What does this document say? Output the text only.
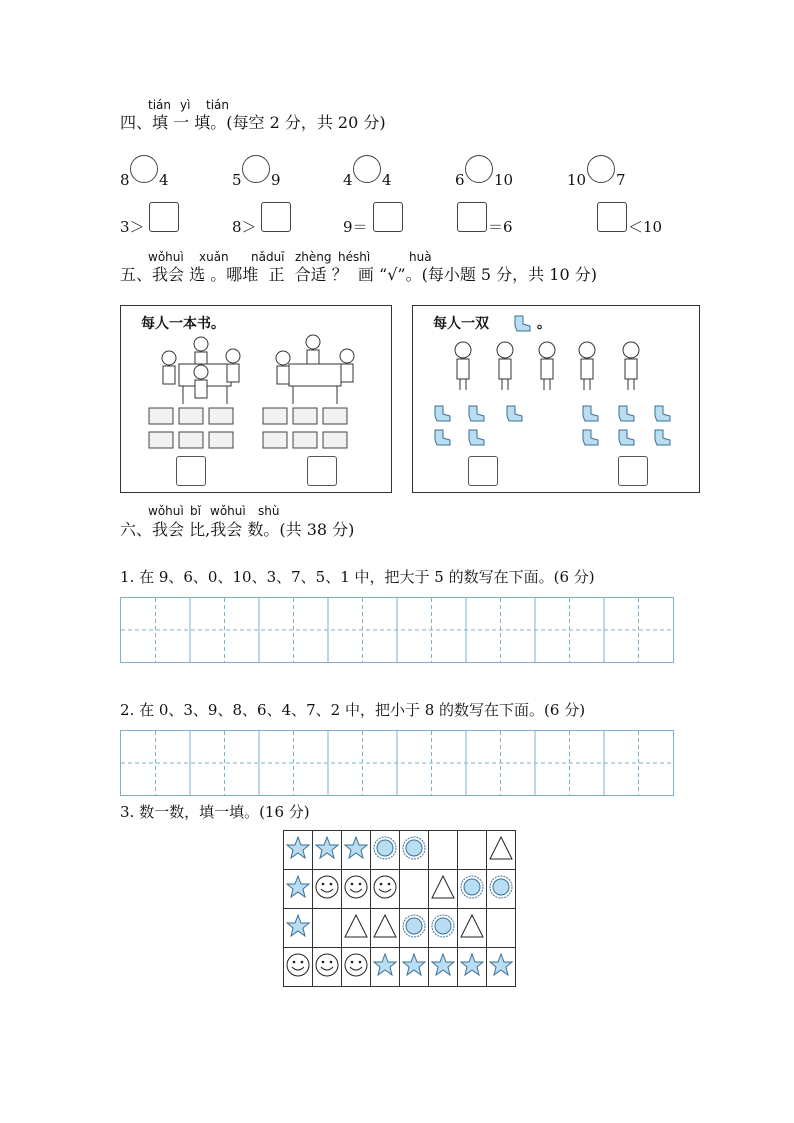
四、填 一 填。(每空 2 分，共 20 分)
tián yì tián
8 4	5 9	4 4	6 10	10 7
3＞	8＞	9＝	＝6	＜10
五、我会 选 。哪堆 正 合适 ？ 画 “√”。(每小题 5 分，共 10 分)
wǒhuì xuǎn nǎduī zhèng héshì	huà
每人一本书。	每人一双	。
六、我会 比,我会 数。(共 38 分)
wǒhuì bǐ wǒhuì shù
1. 在 9、6、0、10、3、7、5、1 中，把大于 5 的数写在下面。(6 分)
2. 在 0、3、9、8、6、4、7、2 中，把小于 8 的数写在下面。(6 分)
3. 数一数，填一填。(16 分)
